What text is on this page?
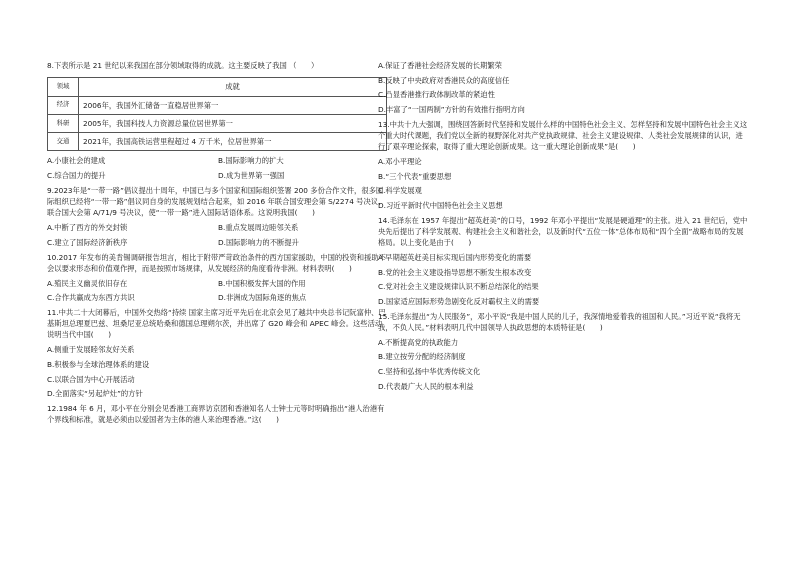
8.下表所示是 21 世纪以来我国在部分领域取得的成就。这主要反映了我国 （　　）

领域	成就
经济	2006年，我国外汇储备一直稳居世界第一
科研	2005年，我国科技人力资源总量位居世界第一
交通	2021年，我国高铁运营里程超过 4 万千米，位居世界第一
A.小康社会的建成	B.国际影响力的扩大
C.综合国力的提升	D.成为世界第一强国

9.2023年是“一带一路”倡议提出十周年，中国已与多个国家和国际组织签署 200 多份合作文件，很多国际组织已经将“一带一路”倡议同自身的发展规划结合起来，如 2016 年联合国安理会第 S/2274 号决议、联合国大会第 A/71/9 号决议，使“一带一路”进入国际话语体系。这说明我国(　　)

A.中断了西方的外交封锁	B.重点发展周边睦邻关系
C.建立了国际经济新秩序	D.国际影响力的不断提升

10.2017 年发布的美肯锡调研报告坦言，相比于附带严苛政治条件的西方国家援助，中国的投资和援助不会以要求形态和价值观作押，而是按照市场规律，从发展经济的角度看待非洲。材料表明(　　)

A.殖民主义幽灵依旧存在	B.中国积极发挥大国的作用
C.合作共赢成为东西方共识	D.非洲成为国际角逐的焦点

11.中共二十大闭幕后，中国外交热络“持续 国家主席习近平先后在北京会见了越共中央总书记阮富仲、巴基斯坦总理夏巴兹、坦桑尼亚总统哈桑和德国总理朔尔茨，并出席了 G20 峰会和 APEC 峰会。这些活动说明当代中国(　　)

A.侧重于发展睦邻友好关系

B.积极参与全球治理体系的建设

C.以联合国为中心开展活动

D.全面落实“另起炉灶”的方针

12.1984 年 6 月，邓小平在分别会见香港工商界访京团和香港知名人士钟士元等时明确指出“港人治港有个界线和标准，就是必须由以爱国者为主体的港人来治理香港。”这(　　)

A.保证了香港社会经济发展的长期繁荣

B.反映了中央政府对香港民众的高度信任

C.凸显香港推行政体制改革的紧迫性

D.丰富了“一国两制”方针的有效推行指明方向

13.中共十九大强调，围绕回答新时代坚持和发展什么样的中国特色社会主义、怎样坚持和发展中国特色社会主义这个重大时代课题，我们党以全新的视野深化对共产党执政规律、社会主义建设规律、人类社会发展规律的认识，进行了艰辛理论探索，取得了重大理论创新成果。这一重大理论创新成果”是(　　)

A.邓小平理论

B.“三个代表”重要思想

C.科学发展观

D.习近平新时代中国特色社会主义思想

14.毛泽东在 1957 年提出“超英赶美”的口号，1992 年邓小平提出“发展是硬道理”的主张。进入 21 世纪后，党中央先后提出了科学发展观、构建社会主义和谐社会，以及新时代“五位一体”总体布局和“四个全面”战略布局的发展格局。以上变化是由于(　　)

A.早期超英赶美目标实现后国内形势变化的需要

B.党的社会主义建设指导思想不断发生根本改变

C.党对社会主义建设规律认识不断总结深化的结果

D.国家适应国际形势急剧变化反对霸权主义的需要

15.毛泽东提出“为人民服务”，邓小平说“我是中国人民的儿子，我深情地爱着我的祖国和人民。”习近平说“我将无我，不负人民。”材料表明几代中国领导人执政思想的本质特征是(　　)

A.不断提高党的执政能力

B.建立按劳分配的经济制度

C.坚持和弘扬中华优秀传统文化

D.代表最广大人民的根本利益
